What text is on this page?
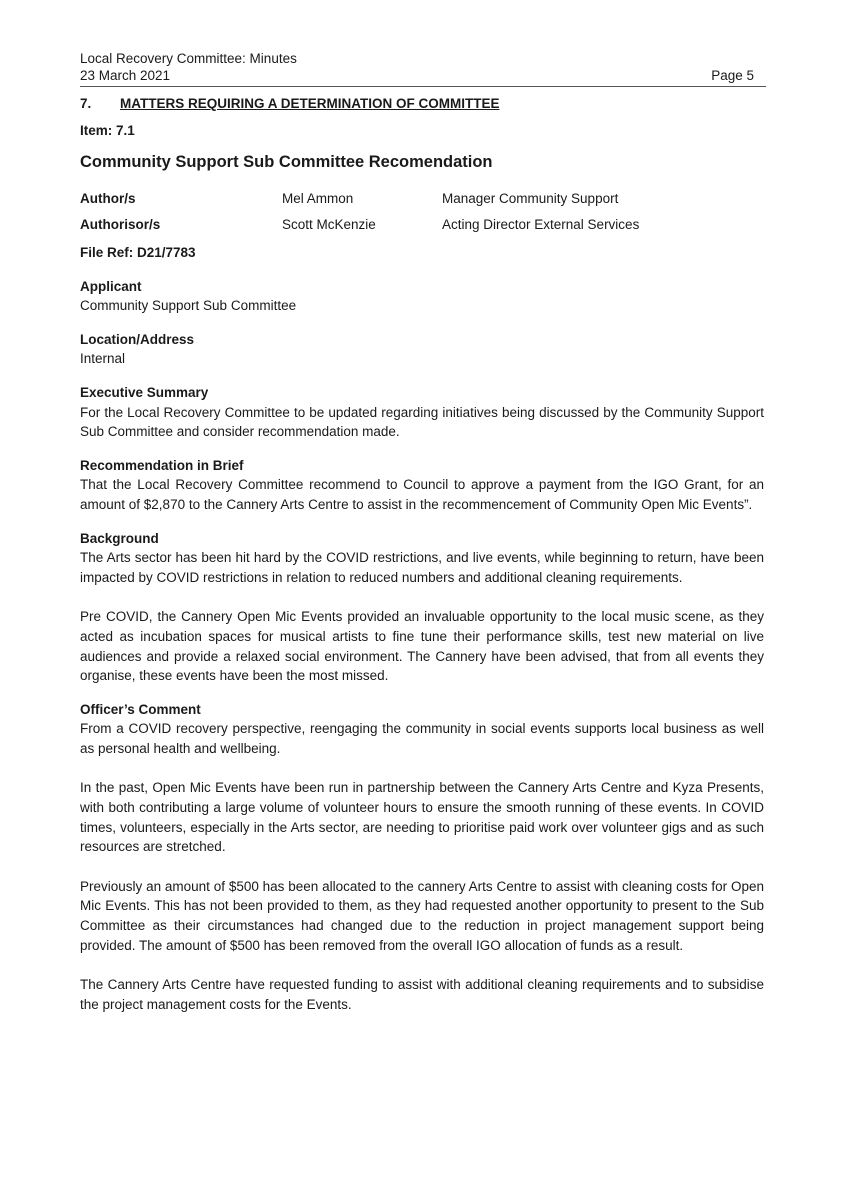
Local Recovery Committee: Minutes
23 March 2021	Page 5
7. MATTERS REQUIRING A DETERMINATION OF COMMITTEE
Item: 7.1
Community Support Sub Committee Recomendation
Author/s	Mel Ammon	Manager Community Support
Authorisor/s	Scott McKenzie	Acting Director External Services
File Ref: D21/7783
Applicant

Community Support Sub Committee

Location/Address

Internal

Executive Summary

For the Local Recovery Committee to be updated regarding initiatives being discussed by the Community Support Sub Committee and consider recommendation made.

Recommendation in Brief

That the Local Recovery Committee recommend to Council to approve a payment from the IGO Grant, for an amount of $2,870 to the Cannery Arts Centre to assist in the recommencement of Community Open Mic Events”.

Background

The Arts sector has been hit hard by the COVID restrictions, and live events, while beginning to return, have been impacted by COVID restrictions in relation to reduced numbers and additional cleaning requirements.

Pre COVID, the Cannery Open Mic Events provided an invaluable opportunity to the local music scene, as they acted as incubation spaces for musical artists to fine tune their performance skills, test new material on live audiences and provide a relaxed social environment. The Cannery have been advised, that from all events they organise, these events have been the most missed.

Officer’s Comment

From a COVID recovery perspective, reengaging the community in social events supports local business as well as personal health and wellbeing.

In the past, Open Mic Events have been run in partnership between the Cannery Arts Centre and Kyza Presents, with both contributing a large volume of volunteer hours to ensure the smooth running of these events. In COVID times, volunteers, especially in the Arts sector, are needing to prioritise paid work over volunteer gigs and as such resources are stretched.

Previously an amount of $500 has been allocated to the cannery Arts Centre to assist with cleaning costs for Open Mic Events. This has not been provided to them, as they had requested another opportunity to present to the Sub Committee as their circumstances had changed due to the reduction in project management support being provided. The amount of $500 has been removed from the overall IGO allocation of funds as a result.

The Cannery Arts Centre have requested funding to assist with additional cleaning requirements and to subsidise the project management costs for the Events.
